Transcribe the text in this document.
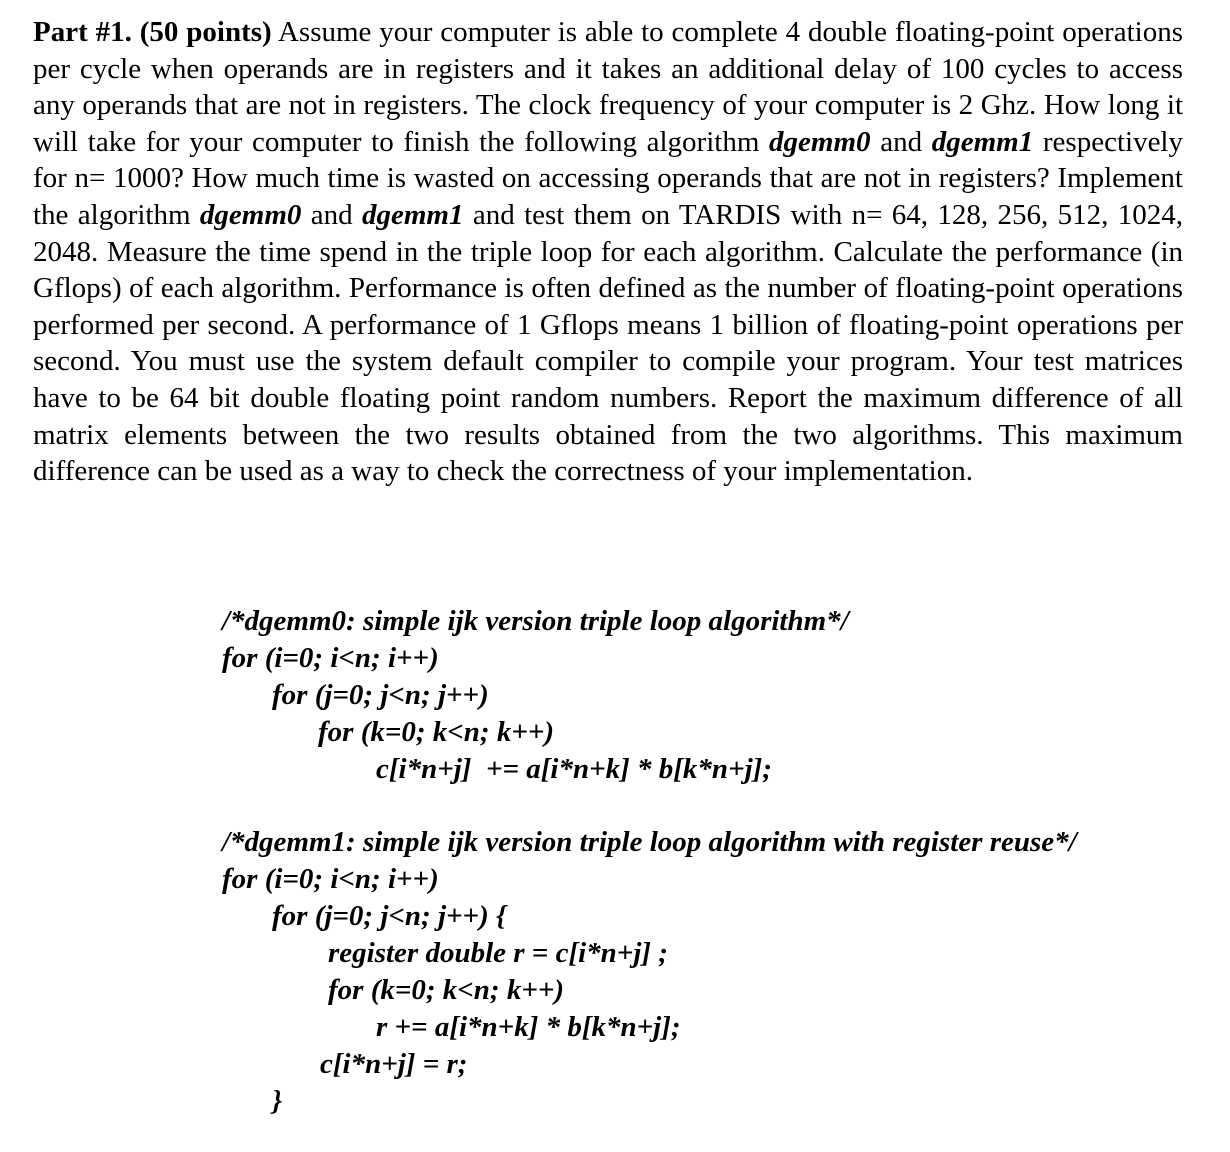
Part #1. (50 points) Assume your computer is able to complete 4 double floating-point operations per cycle when operands are in registers and it takes an additional delay of 100 cycles to access any operands that are not in registers. The clock frequency of your computer is 2 Ghz. How long it will take for your computer to finish the following algorithm dgemm0 and dgemm1 respectively for n= 1000? How much time is wasted on accessing operands that are not in registers? Implement the algorithm dgemm0 and dgemm1 and test them on TARDIS with n= 64, 128, 256, 512, 1024, 2048. Measure the time spend in the triple loop for each algorithm. Calculate the performance (in Gflops) of each algorithm. Performance is often defined as the number of floating-point operations performed per second. A performance of 1 Gflops means 1 billion of floating-point operations per second. You must use the system default compiler to compile your program. Your test matrices have to be 64 bit double floating point random numbers. Report the maximum difference of all matrix elements between the two results obtained from the two algorithms. This maximum difference can be used as a way to check the correctness of your implementation.
/*dgemm0: simple ijk version triple loop algorithm*/
for (i=0; i<n; i++)
for (j=0; j<n; j++)
for (k=0; k<n; k++)
c[i*n+j]  += a[i*n+k] * b[k*n+j];
/*dgemm1: simple ijk version triple loop algorithm with register reuse*/
for (i=0; i<n; i++)
for (j=0; j<n; j++) {
register double r = c[i*n+j] ;
for (k=0; k<n; k++)
r += a[i*n+k] * b[k*n+j];
c[i*n+j] = r;
}
